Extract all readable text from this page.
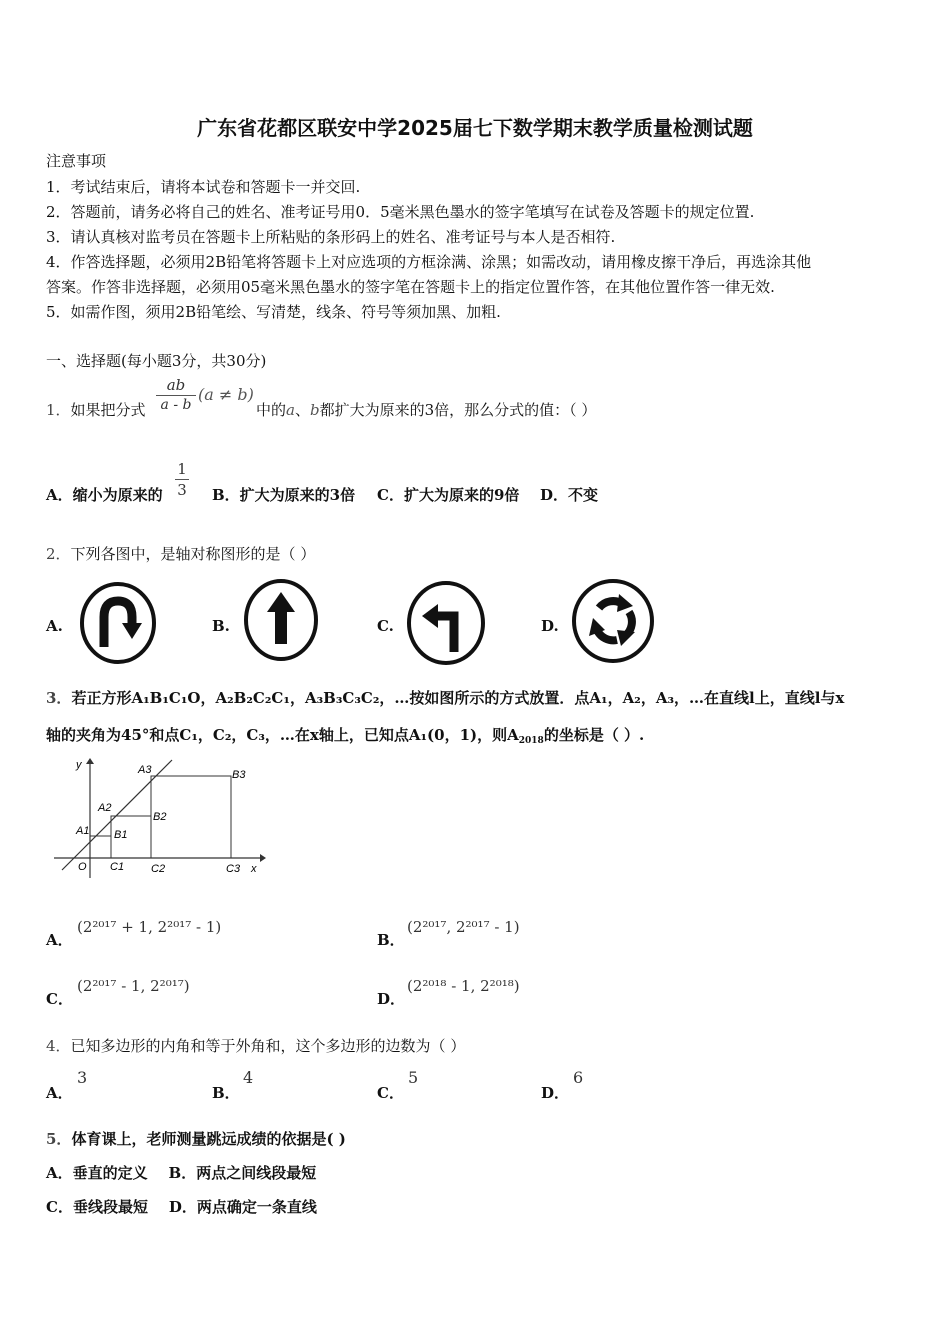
广东省花都区联安中学2025届七下数学期末教学质量检测试题
注意事项
1．考试结束后，请将本试卷和答题卡一并交回.
2．答题前，请务必将自己的姓名、准考证号用0．5毫米黑色墨水的签字笔填写在试卷及答题卡的规定位置.
3．请认真核对监考员在答题卡上所粘贴的条形码上的姓名、准考证号与本人是否相符.
4．作答选择题，必须用2B铅笔将答题卡上对应选项的方框涂满、涂黑；如需改动，请用橡皮擦干净后，再选涂其他
答案。作答非选择题，必须用05毫米黑色墨水的签字笔在答题卡上的指定位置作答，在其他位置作答一律无效.
5．如需作图，须用2B铅笔绘、写清楚，线条、符号等须加黑、加粗.
一、选择题(每小题3分，共30分)
1．如果把分式
ab
a - b
(a ≠ b)
中的a、b都扩大为原来的3倍，那么分式的值：（ ）
A．缩小为原来的
1
3 B．扩大为原来的3倍 C．扩大为原来的9倍 D．不变
2．下列各图中，是轴对称图形的是（ ）
A.	B.	C.	D.
3．若正方形A₁B₁C₁O，A₂B₂C₂C₁，A₃B₃C₃C₂，…按如图所示的方式放置．点A₁，A₂，A₃，…在直线l上，直线l与x
轴的夹角为45°和点C₁，C₂，C₃，…在x轴上，已知点A₁(0，1)，则$A_{2018}$的坐标是（ ）.
y
x
O
A1
A2
A3
B1
B2
B3
C1 C2	C3
A．
(2²⁰¹⁷ + 1, 2²⁰¹⁷ - 1)
B．
(2²⁰¹⁷, 2²⁰¹⁷ - 1)
C．
(2²⁰¹⁷ - 1, 2²⁰¹⁷)
D．
(2²⁰¹⁸ - 1, 2²⁰¹⁸)
4．已知多边形的内角和等于外角和，这个多边形的边数为（ ）
A．
3
B．
4
C．
5
D．
6
5．体育课上，老师测量跳远成绩的依据是( )
A．垂直的定义    B．两点之间线段最短
C．垂线段最短    D．两点确定一条直线
